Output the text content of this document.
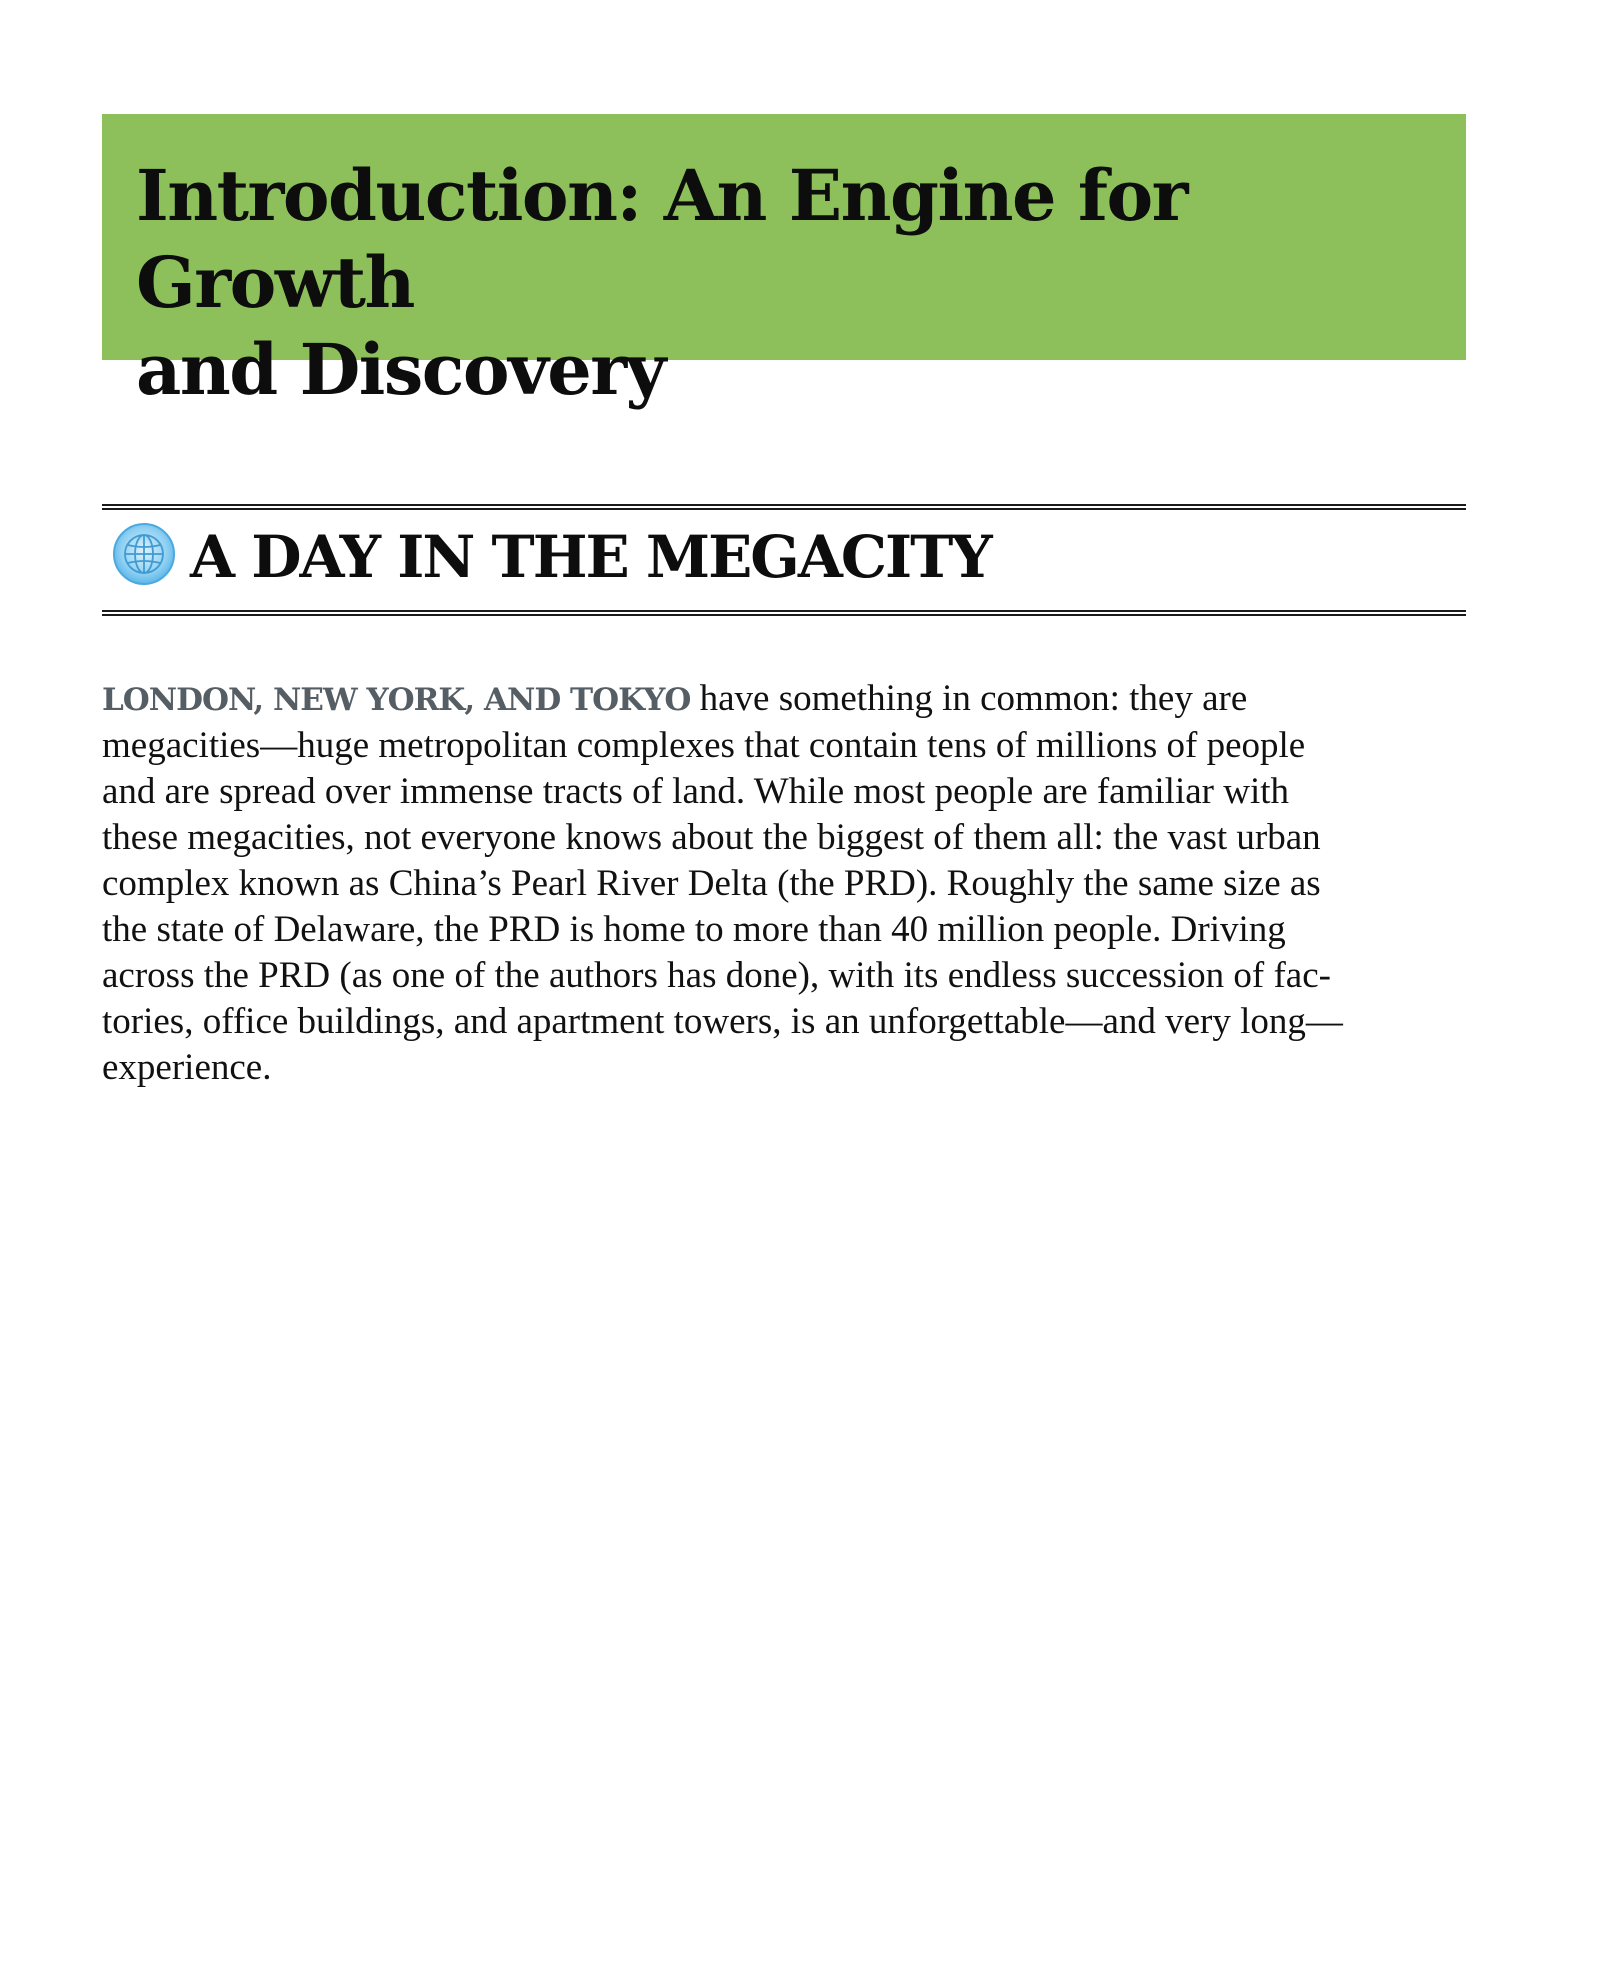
Introduction: An Engine for Growth
and Discovery
A DAY IN THE MEGACITY

LONDON, NEW YORK, AND TOKYO have something in common: they are
megacities—huge metropolitan complexes that contain tens of millions of people
and are spread over immense tracts of land. While most people are familiar with
these megacities, not everyone knows about the biggest of them all: the vast urban
complex known as China’s Pearl River Delta (the PRD). Roughly the same size as
the state of Delaware, the PRD is home to more than 40 million people. Driving
across the PRD (as one of the authors has done), with its endless succession of fac-
tories, office buildings, and apartment towers, is an unforgettable—and very long—
experience.
